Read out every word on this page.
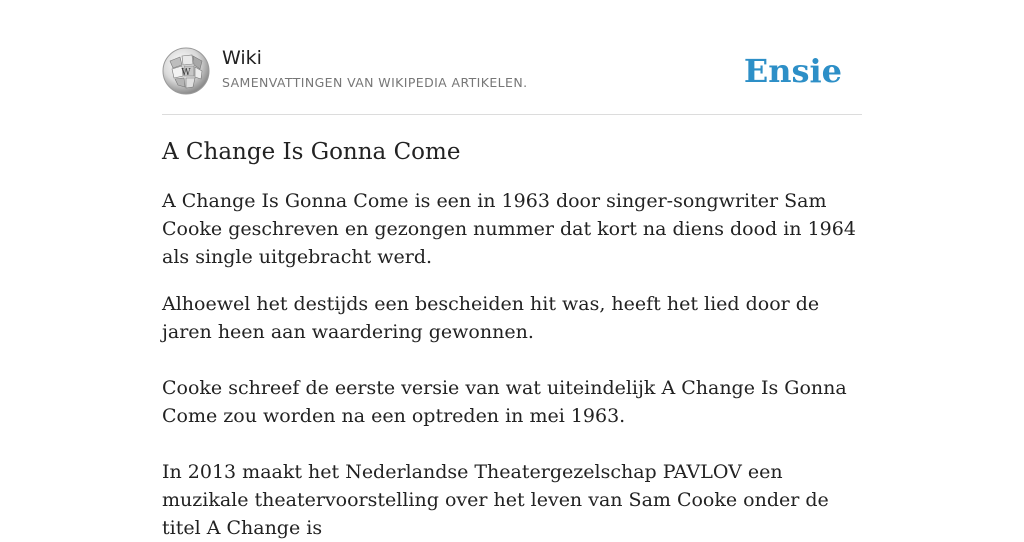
W
Wiki
SAMENVATTINGEN VAN WIKIPEDIA ARTIKELEN.	Ensie
A Change Is Gonna Come

A Change Is Gonna Come is een in 1963 door singer-songwriter Sam Cooke geschreven en gezongen nummer dat kort na diens dood in 1964 als single uitgebracht werd.

Alhoewel het destijds een bescheiden hit was, heeft het lied door de jaren heen aan waardering gewonnen.

Cooke schreef de eerste versie van wat uiteindelijk A Change Is Gonna Come zou worden na een optreden in mei 1963.

In 2013 maakt het Nederlandse Theatergezelschap PAVLOV een muzikale theatervoorstelling over het leven van Sam Cooke onder de titel A Change is
